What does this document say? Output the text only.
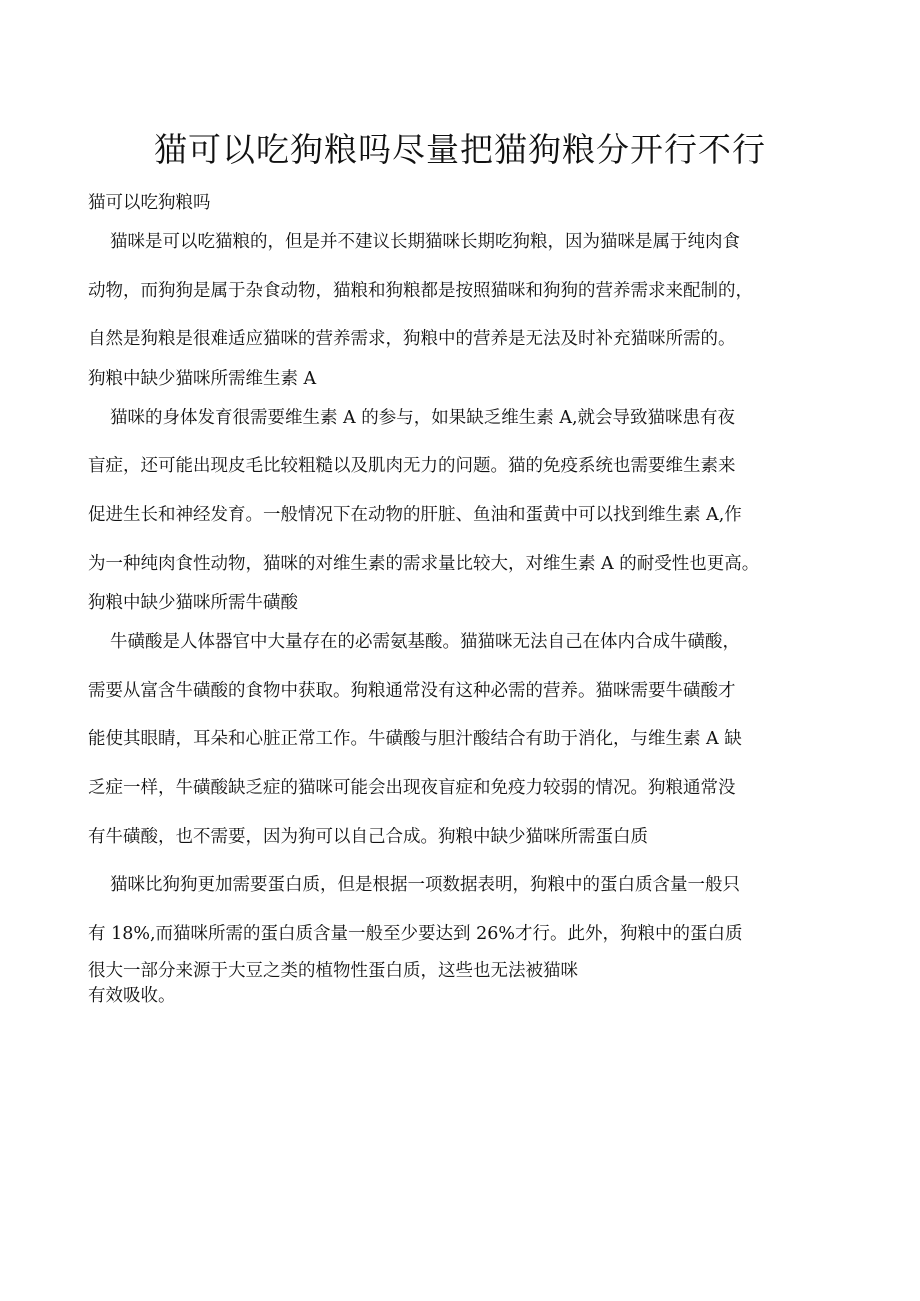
猫可以吃狗粮吗尽量把猫狗粮分开行不行
猫可以吃狗粮吗

猫咪是可以吃猫粮的，但是并不建议长期猫咪长期吃狗粮，因为猫咪是属于纯肉食
动物，而狗狗是属于杂食动物，猫粮和狗粮都是按照猫咪和狗狗的营养需求来配制的，
自然是狗粮是很难适应猫咪的营养需求，狗粮中的营养是无法及时补充猫咪所需的。

狗粮中缺少猫咪所需维生素 A

猫咪的身体发育很需要维生素 A 的参与，如果缺乏维生素 A,就会导致猫咪患有夜
盲症，还可能出现皮毛比较粗糙以及肌肉无力的问题。猫的免疫系统也需要维生素来
促进生长和神经发育。一般情况下在动物的肝脏、鱼油和蛋黄中可以找到维生素 A,作
为一种纯肉食性动物，猫咪的对维生素的需求量比较大，对维生素 A 的耐受性也更高。

狗粮中缺少猫咪所需牛磺酸

牛磺酸是人体器官中大量存在的必需氨基酸。猫猫咪无法自己在体内合成牛磺酸，
需要从富含牛磺酸的食物中获取。狗粮通常没有这种必需的营养。猫咪需要牛磺酸才
能使其眼睛，耳朵和心脏正常工作。牛磺酸与胆汁酸结合有助于消化，与维生素 A 缺
乏症一样，牛磺酸缺乏症的猫咪可能会出现夜盲症和免疫力较弱的情况。狗粮通常没
有牛磺酸，也不需要，因为狗可以自己合成。狗粮中缺少猫咪所需蛋白质

猫咪比狗狗更加需要蛋白质，但是根据一项数据表明，狗粮中的蛋白质含量一般只
有 18%,而猫咪所需的蛋白质含量一般至少要达到 26%才行。此外，狗粮中的蛋白质
很大一部分来源于大豆之类的植物性蛋白质，这些也无法被猫咪
有效吸收。
